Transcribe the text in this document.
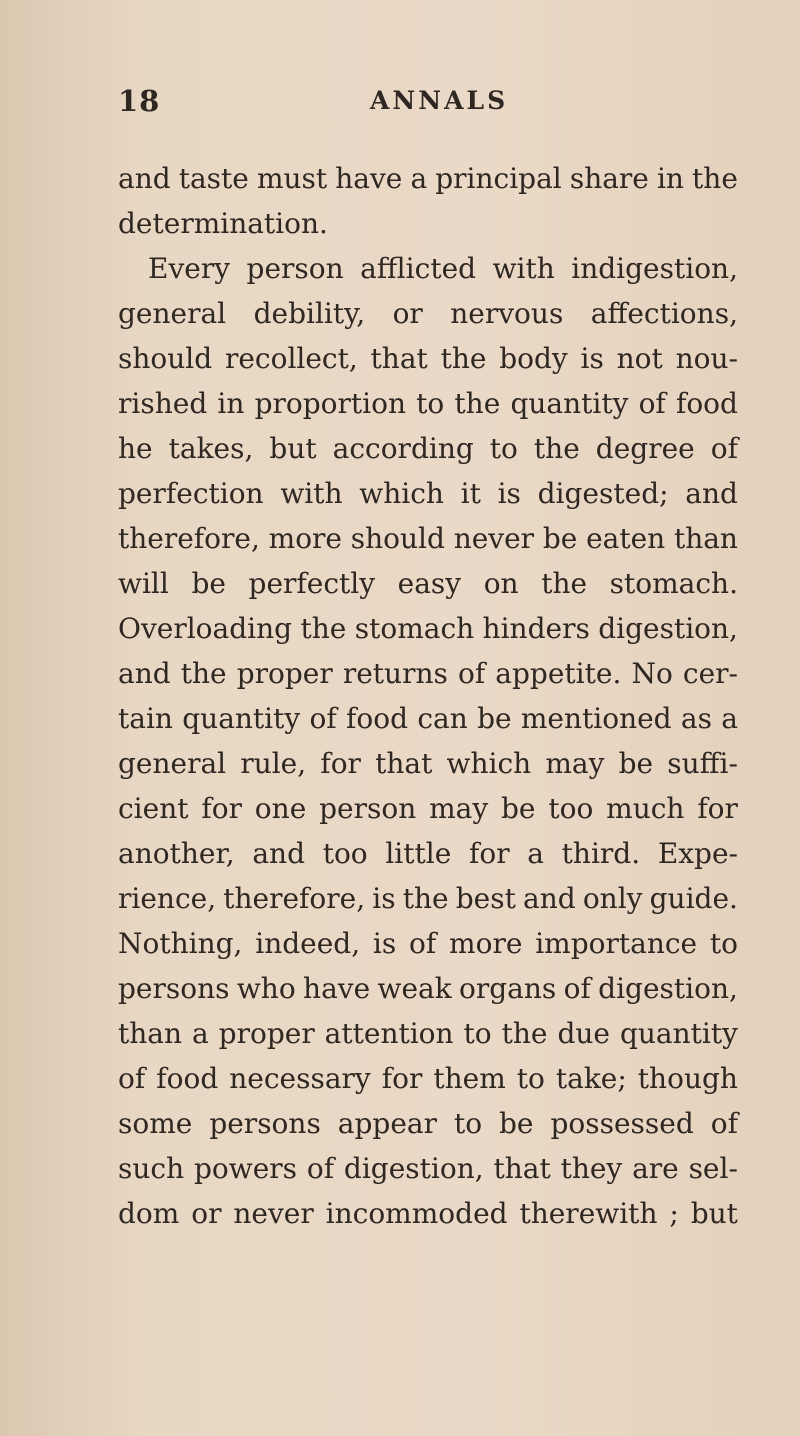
18	ANNALS
and taste must have a principal share in the
determination.
Every person afflicted with indigestion,
general debility, or nervous affections,
should recollect, that the body is not nou-
rished in proportion to the quantity of food
he takes, but according to the degree of
perfection with which it is digested; and
therefore, more should never be eaten than
will be perfectly easy on the stomach.
Overloading the stomach hinders digestion,
and the proper returns of appetite. No cer-
tain quantity of food can be mentioned as a
general rule, for that which may be suffi-
cient for one person may be too much for
another, and too little for a third. Expe-
rience, therefore, is the best and only guide.
Nothing, indeed, is of more importance to
persons who have weak organs of digestion,
than a proper attention to the due quantity
of food necessary for them to take; though
some persons appear to be possessed of
such powers of digestion, that they are sel-
dom or never incommoded therewith ; but
